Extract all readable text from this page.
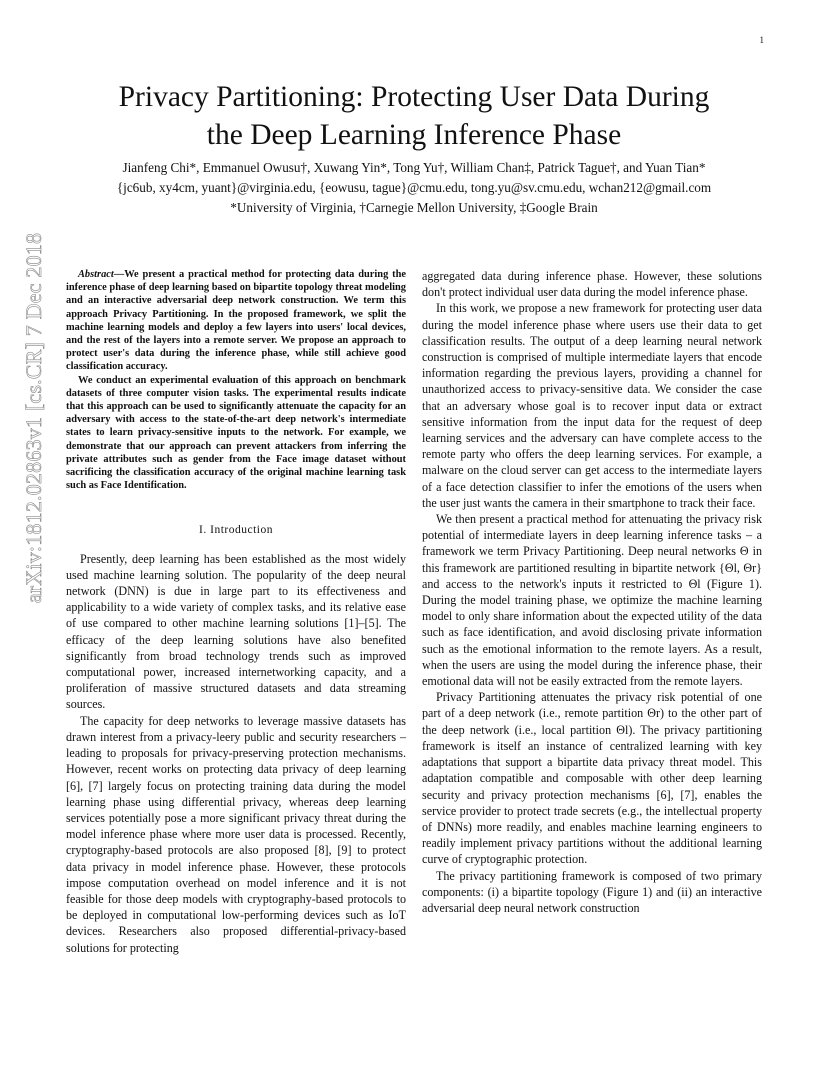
1
arXiv:1812.02863v1 [cs.CR] 7 Dec 2018
Privacy Partitioning: Protecting User Data During
the Deep Learning Inference Phase
Jianfeng Chi*, Emmanuel Owusu†, Xuwang Yin*, Tong Yu†, William Chan‡, Patrick Tague†, and Yuan Tian*
{jc6ub, xy4cm, yuant}@virginia.edu, {eowusu, tague}@cmu.edu, tong.yu@sv.cmu.edu, wchan212@gmail.com
*University of Virginia, †Carnegie Mellon University, ‡Google Brain

Abstract—We present a practical method for protecting data during the inference phase of deep learning based on bipartite topology threat modeling and an interactive adversarial deep network construction. We term this approach Privacy Partitioning. In the proposed framework, we split the machine learning models and deploy a few layers into users' local devices, and the rest of the layers into a remote server. We propose an approach to protect user's data during the inference phase, while still achieve good classification accuracy.

We conduct an experimental evaluation of this approach on benchmark datasets of three computer vision tasks. The experimental results indicate that this approach can be used to significantly attenuate the capacity for an adversary with access to the state-of-the-art deep network's intermediate states to learn privacy-sensitive inputs to the network. For example, we demonstrate that our approach can prevent attackers from inferring the private attributes such as gender from the Face image dataset without sacrificing the classification accuracy of the original machine learning task such as Face Identification.

I. Introduction

Presently, deep learning has been established as the most widely used machine learning solution. The popularity of the deep neural network (DNN) is due in large part to its effectiveness and applicability to a wide variety of complex tasks, and its relative ease of use compared to other machine learning solutions [1]–[5]. The efficacy of the deep learning solutions have also benefited significantly from broad technology trends such as improved computational power, increased internetworking capacity, and a proliferation of massive structured datasets and data streaming sources.

The capacity for deep networks to leverage massive datasets has drawn interest from a privacy-leery public and security researchers – leading to proposals for privacy-preserving protection mechanisms. However, recent works on protecting data privacy of deep learning [6], [7] largely focus on protecting training data during the model learning phase using differential privacy, whereas deep learning services potentially pose a more significant privacy threat during the model inference phase where more user data is processed. Recently, cryptography-based protocols are also proposed [8], [9] to protect data privacy in model inference phase. However, these protocols impose computation overhead on model inference and it is not feasible for those deep models with cryptography-based protocols to be deployed in computational low-performing devices such as IoT devices. Researchers also proposed differential-privacy-based solutions for protecting

aggregated data during inference phase. However, these solutions don't protect individual user data during the model inference phase.

In this work, we propose a new framework for protecting user data during the model inference phase where users use their data to get classification results. The output of a deep learning neural network construction is comprised of multiple intermediate layers that encode information regarding the previous layers, providing a channel for unauthorized access to privacy-sensitive data. We consider the case that an adversary whose goal is to recover input data or extract sensitive information from the input data for the request of deep learning services and the adversary can have complete access to the remote party who offers the deep learning services. For example, a malware on the cloud server can get access to the intermediate layers of a face detection classifier to infer the emotions of the users when the user just wants the camera in their smartphone to track their face.

We then present a practical method for attenuating the privacy risk potential of intermediate layers in deep learning inference tasks – a framework we term Privacy Partitioning. Deep neural networks Θ in this framework are partitioned resulting in bipartite network {Θl, Θr} and access to the network's inputs it restricted to Θl (Figure 1). During the model training phase, we optimize the machine learning model to only share information about the expected utility of the data such as face identification, and avoid disclosing private information such as the emotional information to the remote layers. As a result, when the users are using the model during the inference phase, their emotional data will not be easily extracted from the remote layers.

Privacy Partitioning attenuates the privacy risk potential of one part of a deep network (i.e., remote partition Θr) to the other part of the deep network (i.e., local partition Θl). The privacy partitioning framework is itself an instance of centralized learning with key adaptations that support a bipartite data privacy threat model. This adaptation compatible and composable with other deep learning security and privacy protection mechanisms [6], [7], enables the service provider to protect trade secrets (e.g., the intellectual property of DNNs) more readily, and enables machine learning engineers to readily implement privacy partitions without the additional learning curve of cryptographic protection.

The privacy partitioning framework is composed of two primary components: (i) a bipartite topology (Figure 1) and (ii) an interactive adversarial deep neural network construction
